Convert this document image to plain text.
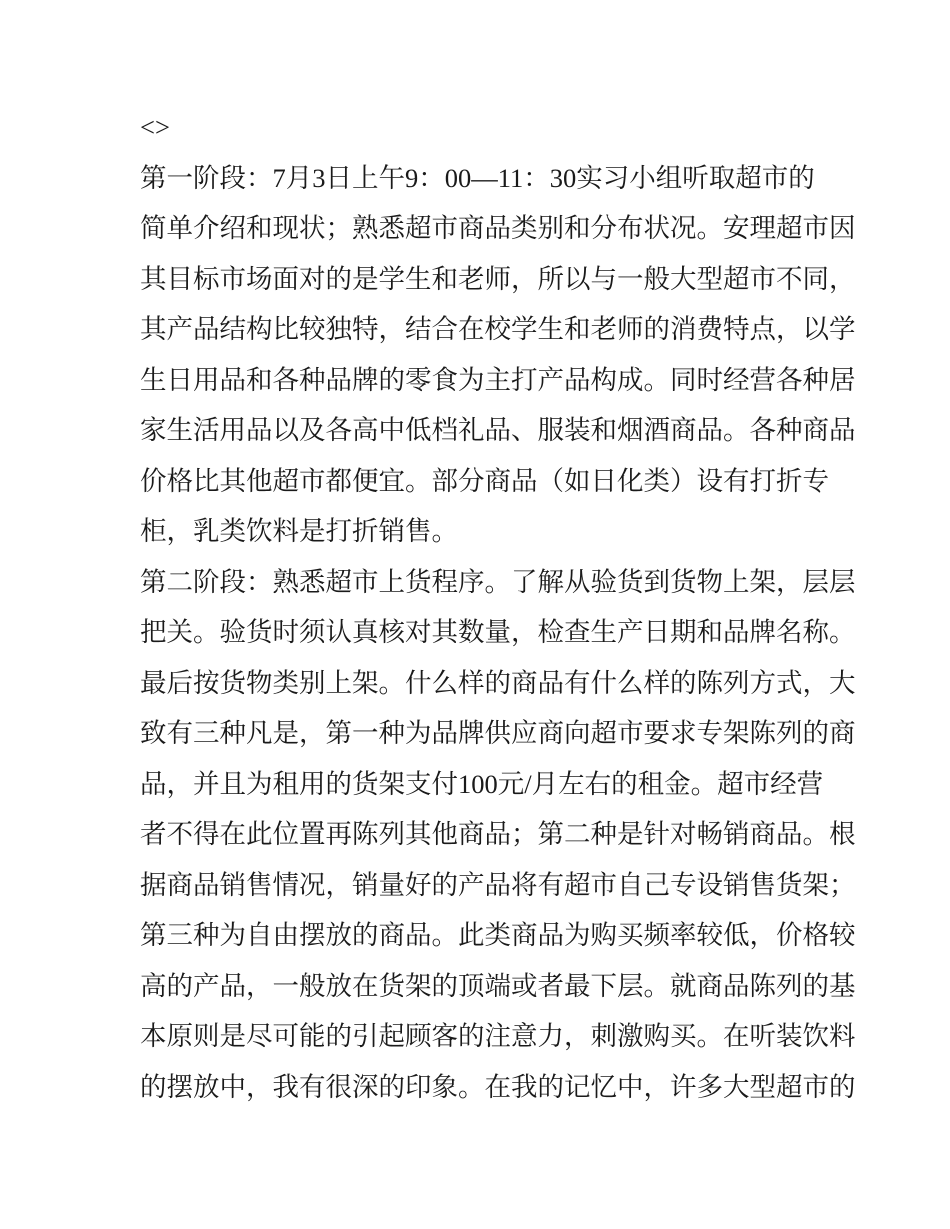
<>
第一阶段：7月3日上午9：00—11：30实习小组听取超市的
简单介绍和现状；熟悉超市商品类别和分布状况。安理超市因
其目标市场面对的是学生和老师，所以与一般大型超市不同，
其产品结构比较独特，结合在校学生和老师的消费特点，以学
生日用品和各种品牌的零食为主打产品构成。同时经营各种居
家生活用品以及各高中低档礼品、服装和烟酒商品。各种商品
价格比其他超市都便宜。部分商品（如日化类）设有打折专
柜，乳类饮料是打折销售。
第二阶段：熟悉超市上货程序。了解从验货到货物上架，层层
把关。验货时须认真核对其数量，检查生产日期和品牌名称。
最后按货物类别上架。什么样的商品有什么样的陈列方式，大
致有三种凡是，第一种为品牌供应商向超市要求专架陈列的商
品，并且为租用的货架支付100元/月左右的租金。超市经营
者不得在此位置再陈列其他商品；第二种是针对畅销商品。根
据商品销售情况，销量好的产品将有超市自己专设销售货架；
第三种为自由摆放的商品。此类商品为购买频率较低，价格较
高的产品，一般放在货架的顶端或者最下层。就商品陈列的基
本原则是尽可能的引起顾客的注意力，刺激购买。在听装饮料
的摆放中，我有很深的印象。在我的记忆中，许多大型超市的
